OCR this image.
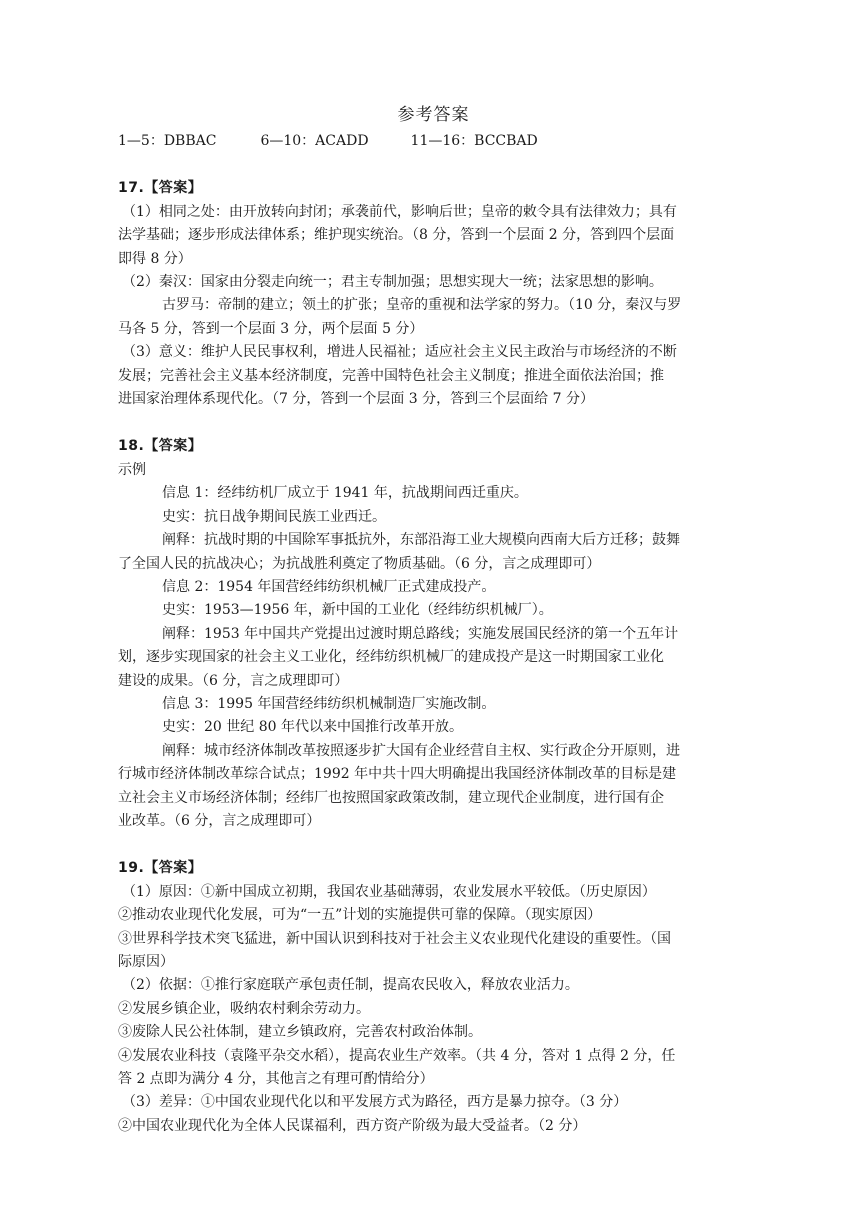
参考答案

1—5：DBBAC	6—10：ACADD	11—16：BCCBAD

17.【答案】

（1）相同之处：由开放转向封闭；承袭前代，影响后世；皇帝的敕令具有法律效力；具有

法学基础；逐步形成法律体系；维护现实统治。（8 分，答到一个层面 2 分，答到四个层面

即得 8 分）

（2）秦汉：国家由分裂走向统一；君主专制加强；思想实现大一统；法家思想的影响。

古罗马：帝制的建立；领土的扩张；皇帝的重视和法学家的努力。（10 分，秦汉与罗

马各 5 分，答到一个层面 3 分，两个层面 5 分）

（3）意义：维护人民民事权利，增进人民福祉；适应社会主义民主政治与市场经济的不断

发展；完善社会主义基本经济制度，完善中国特色社会主义制度；推进全面依法治国；推

进国家治理体系现代化。（7 分，答到一个层面 3 分，答到三个层面给 7 分）

18.【答案】

示例

信息 1：经纬纺机厂成立于 1941 年，抗战期间西迁重庆。

史实：抗日战争期间民族工业西迁。

阐释：抗战时期的中国除军事抵抗外，东部沿海工业大规模向西南大后方迁移；鼓舞

了全国人民的抗战决心；为抗战胜利奠定了物质基础。（6 分，言之成理即可）

信息 2：1954 年国营经纬纺织机械厂正式建成投产。

史实：1953—1956 年，新中国的工业化（经纬纺织机械厂）。

阐释：1953 年中国共产党提出过渡时期总路线；实施发展国民经济的第一个五年计

划，逐步实现国家的社会主义工业化，经纬纺织机械厂的建成投产是这一时期国家工业化

建设的成果。（6 分，言之成理即可）

信息 3：1995 年国营经纬纺织机械制造厂实施改制。

史实：20 世纪 80 年代以来中国推行改革开放。

阐释：城市经济体制改革按照逐步扩大国有企业经营自主权、实行政企分开原则，进

行城市经济体制改革综合试点；1992 年中共十四大明确提出我国经济体制改革的目标是建

立社会主义市场经济体制；经纬厂也按照国家政策改制，建立现代企业制度，进行国有企

业改革。（6 分，言之成理即可）

19.【答案】

（1）原因：①新中国成立初期，我国农业基础薄弱，农业发展水平较低。（历史原因）

②推动农业现代化发展，可为“一五”计划的实施提供可靠的保障。（现实原因）

③世界科学技术突飞猛进，新中国认识到科技对于社会主义农业现代化建设的重要性。（国

际原因）

（2）依据：①推行家庭联产承包责任制，提高农民收入，释放农业活力。

②发展乡镇企业，吸纳农村剩余劳动力。

③废除人民公社体制，建立乡镇政府，完善农村政治体制。

④发展农业科技（袁隆平杂交水稻），提高农业生产效率。（共 4 分，答对 1 点得 2 分，任

答 2 点即为满分 4 分，其他言之有理可酌情给分）

（3）差异：①中国农业现代化以和平发展方式为路径，西方是暴力掠夺。（3 分）

②中国农业现代化为全体人民谋福利，西方资产阶级为最大受益者。（2 分）
